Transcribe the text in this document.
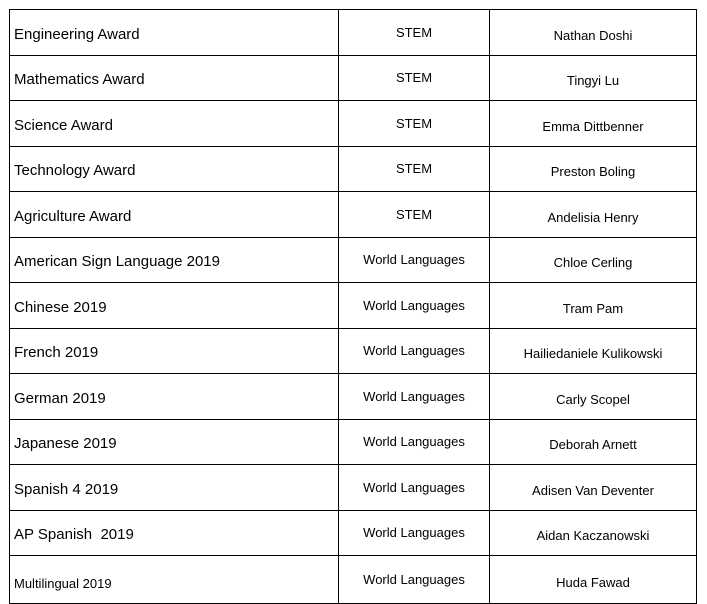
Engineering Award	STEM	Nathan Doshi
Mathematics Award	STEM	Tingyi Lu
Science Award	STEM	Emma Dittbenner
Technology Award	STEM	Preston Boling
Agriculture Award	STEM	Andelisia Henry
American Sign Language 2019	World Languages	Chloe Cerling
Chinese 2019	World Languages	Tram Pam
French 2019	World Languages	Hailiedaniele Kulikowski
German 2019	World Languages	Carly Scopel
Japanese 2019	World Languages	Deborah Arnett
Spanish 4 2019	World Languages	Adisen Van Deventer
AP Spanish  2019	World Languages	Aidan Kaczanowski
Multilingual 2019	World Languages	Huda Fawad
